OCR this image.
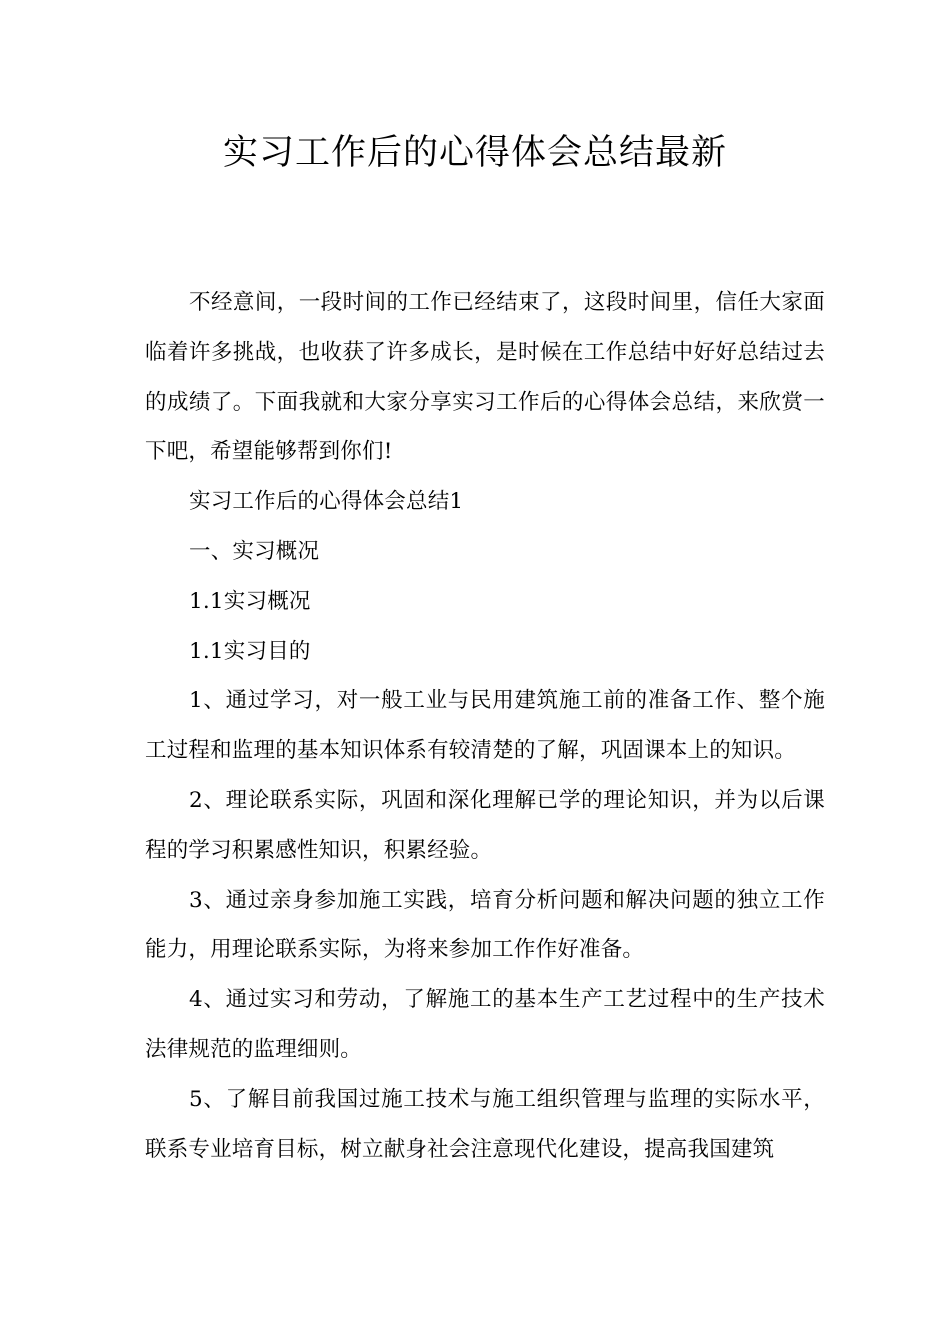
实习工作后的心得体会总结最新

不经意间，一段时间的工作已经结束了，这段时间里，信任大家面临着许多挑战，也收获了许多成长，是时候在工作总结中好好总结过去的成绩了。下面我就和大家分享实习工作后的心得体会总结，来欣赏一下吧，希望能够帮到你们!

实习工作后的心得体会总结1

一、实习概况

1.1实习概况

1.1实习目的

1、通过学习，对一般工业与民用建筑施工前的准备工作、整个施工过程和监理的基本知识体系有较清楚的了解，巩固课本上的知识。

2、理论联系实际，巩固和深化理解已学的理论知识，并为以后课程的学习积累感性知识，积累经验。

3、通过亲身参加施工实践，培育分析问题和解决问题的独立工作能力，用理论联系实际，为将来参加工作作好准备。

4、通过实习和劳动，了解施工的基本生产工艺过程中的生产技术法律规范的监理细则。

5、了解目前我国过施工技术与施工组织管理与监理的实际水平，联系专业培育目标，树立献身社会注意现代化建设，提高我国建筑
